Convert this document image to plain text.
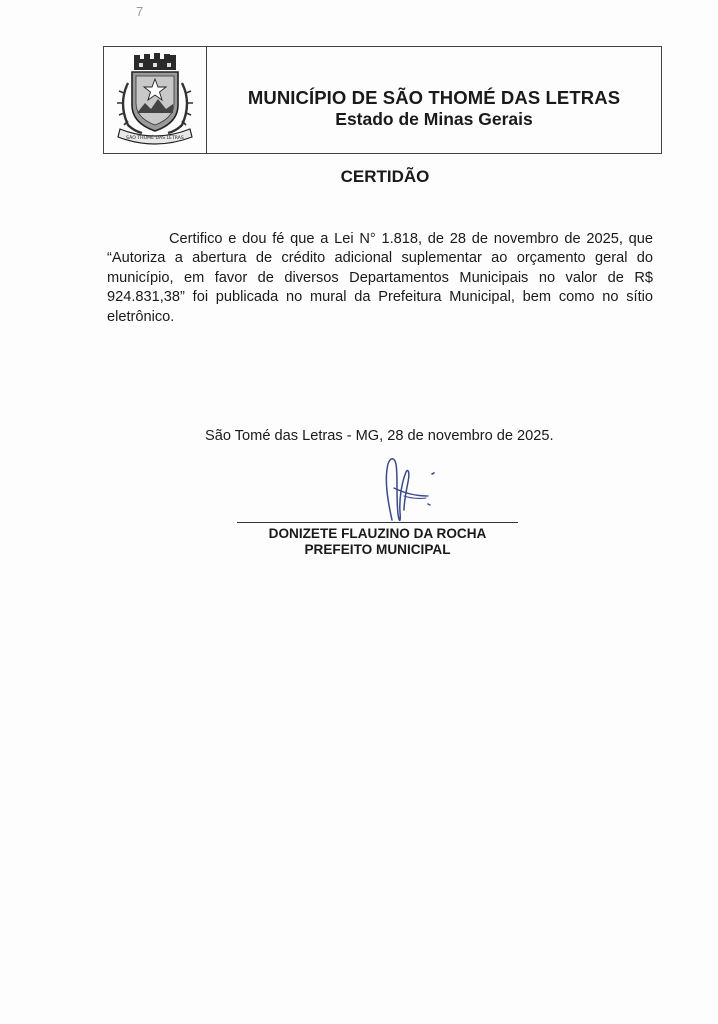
7
SÃO THOMÉ DAS LETRAS
MUNICÍPIO DE SÃO THOMÉ DAS LETRAS
Estado de Minas Gerais
CERTIDÃO
Certifico e dou fé que a Lei N° 1.818, de 28 de novembro de 2025, que “Autoriza a abertura de crédito adicional suplementar ao orçamento geral do município, em favor de diversos Departamentos Municipais no valor de R$ 924.831,38” foi publicada no mural da Prefeitura Municipal, bem como no sítio eletrônico.
São Tomé das Letras - MG, 28 de novembro de 2025.
DONIZETE FLAUZINO DA ROCHA
PREFEITO MUNICIPAL
